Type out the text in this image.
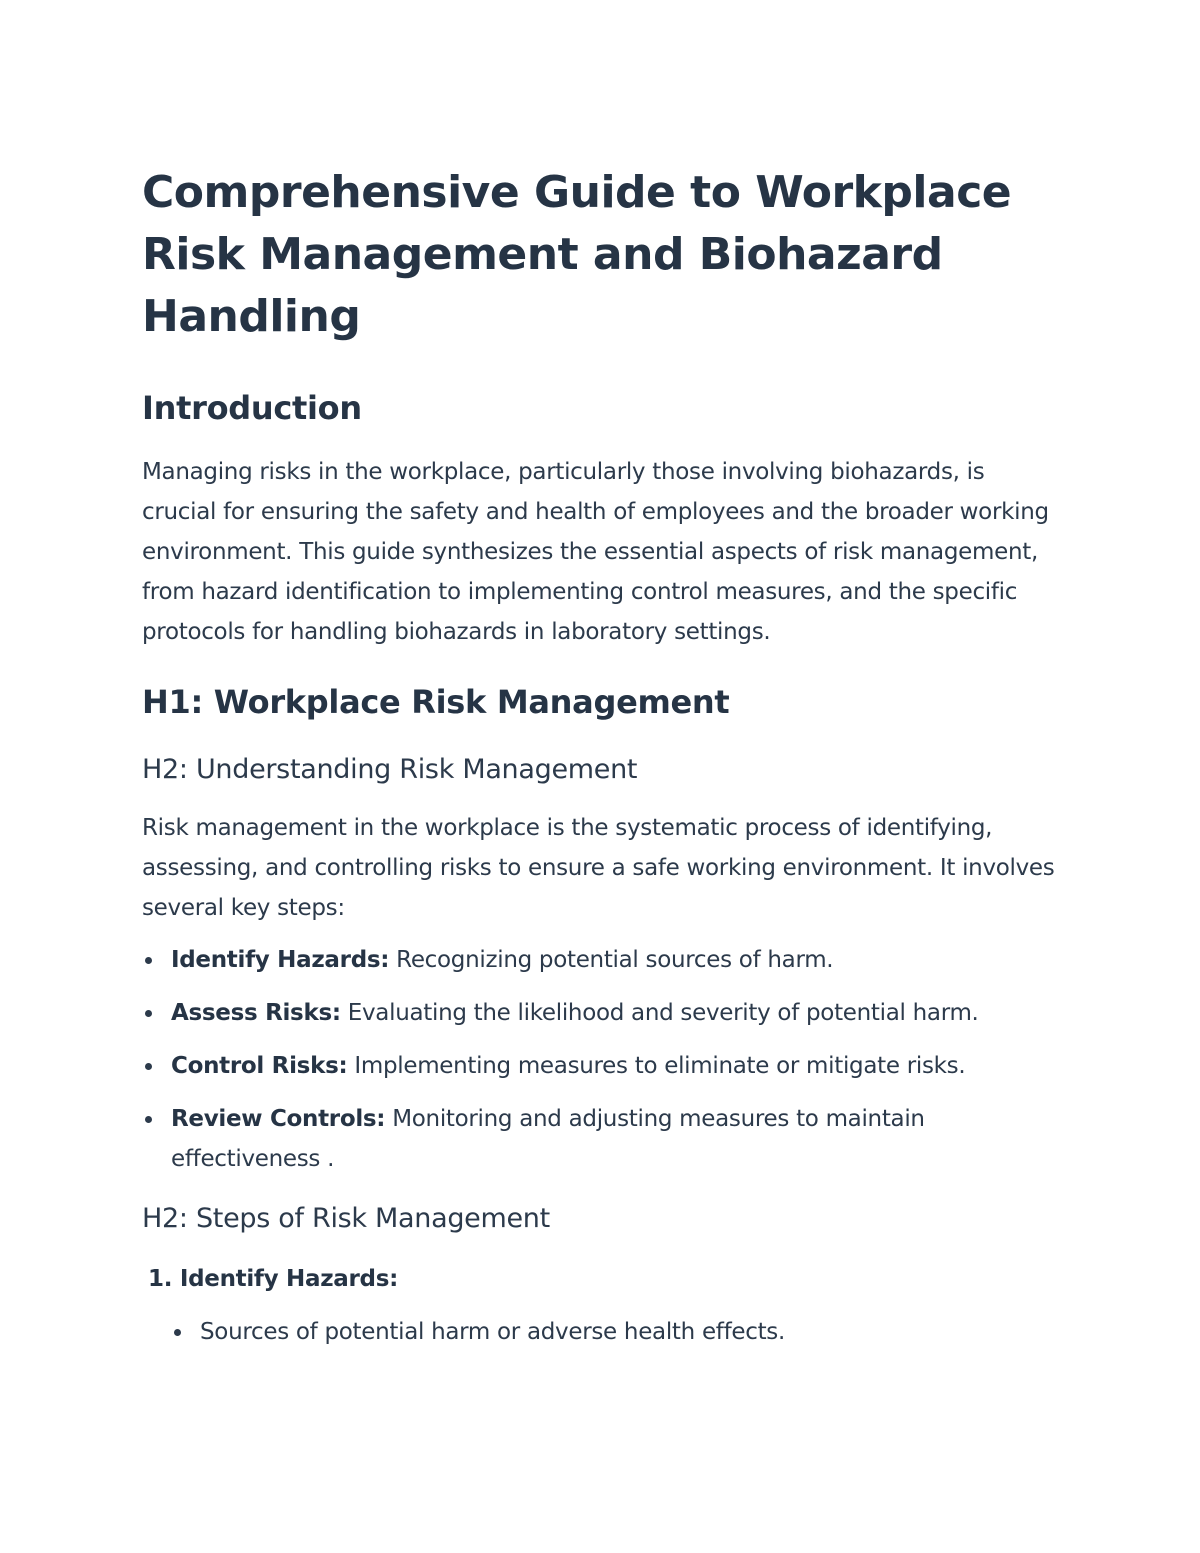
Comprehensive Guide to Workplace Risk Management and Biohazard Handling
Introduction

Managing risks in the workplace, particularly those involving biohazards, is crucial for ensuring the safety and health of employees and the broader working environment. This guide synthesizes the essential aspects of risk management, from hazard identification to implementing control measures, and the specific protocols for handling biohazards in laboratory settings.

H1: Workplace Risk Management
H2: Understanding Risk Management

Risk management in the workplace is the systematic process of identifying, assessing, and controlling risks to ensure a safe working environment. It involves several key steps:

Identify Hazards: Recognizing potential sources of harm.
Assess Risks: Evaluating the likelihood and severity of potential harm.
Control Risks: Implementing measures to eliminate or mitigate risks.
Review Controls: Monitoring and adjusting measures to maintain effectiveness .
H2: Steps of Risk Management
1. Identify Hazards:
Sources of potential harm or adverse health effects.
